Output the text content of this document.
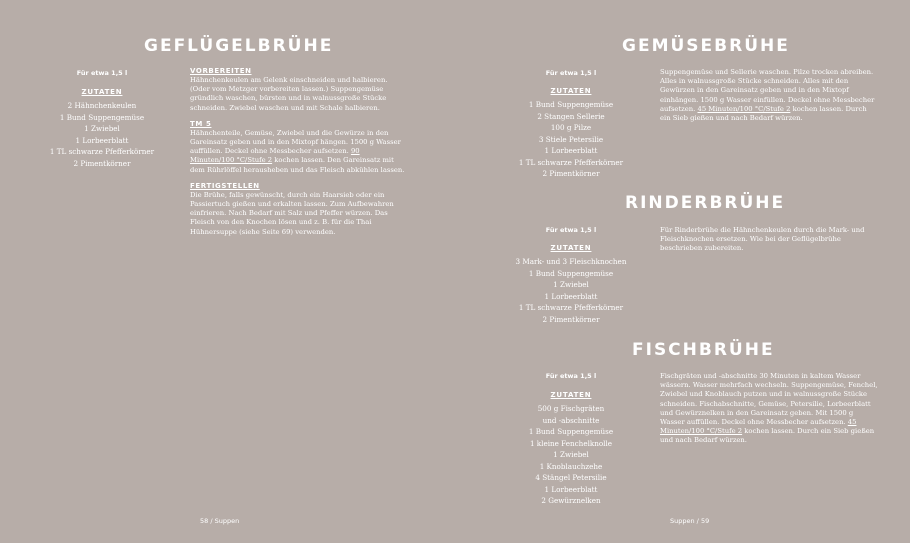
GEFLÜGELBRÜHE
Für etwa 1,5 l
ZUTATEN
2 Hähnchenkeulen
1 Bund Suppengemüse
1 Zwiebel
1 Lorbeerblatt
1 TL schwarze Pfefferkörner
2 Pimentkörner
VORBEREITEN
Hähnchenkeulen am Gelenk einschneiden und halbieren. (Oder vom Metzger vorbereiten lassen.) Suppengemüse gründlich waschen, bürsten und in walnussgroße Stücke schneiden. Zwiebel waschen und mit Schale halbieren.
TM 5
Hähnchenteile, Gemüse, Zwiebel und die Gewürze in den Gareinsatz geben und in den Mixtopf hängen. 1500 g Wasser auffüllen. Deckel ohne Messbecher aufsetzen. 90 Minuten/100 °C/Stufe 2 kochen lassen. Den Gareinsatz mit dem Rührlöffel herausheben und das Fleisch abkühlen lassen.
FERTIGSTELLEN
Die Brühe, falls gewünscht, durch ein Haarsieb oder ein Passiertuch gießen und erkalten lassen. Zum Aufbewahren einfrieren. Nach Bedarf mit Salz und Pfeffer würzen. Das Fleisch von den Knochen lösen und z. B. für die Thai Hühnersuppe (siehe Seite 69) verwenden.
58 / Suppen
GEMÜSEBRÜHE
Für etwa 1,5 l
ZUTATEN
1 Bund Suppengemüse
2 Stangen Sellerie
100 g Pilze
3 Stiele Petersilie
1 Lorbeerblatt
1 TL schwarze Pfefferkörner
2 Pimentkörner
Suppengemüse und Sellerie waschen. Pilze trocken abreiben. Alles in walnussgroße Stücke schneiden. Alles mit den Gewürzen in den Gareinsatz geben und in den Mixtopf einhängen. 1500 g Wasser einfüllen. Deckel ohne Messbecher aufsetzen. 45 Minuten/100 °C/Stufe 2 kochen lassen. Durch ein Sieb gießen und nach Bedarf würzen.
RINDERBRÜHE
Für etwa 1,5 l
ZUTATEN
3 Mark- und 3 Fleischknochen
1 Bund Suppengemüse
1 Zwiebel
1 Lorbeerblatt
1 TL schwarze Pfefferkörner
2 Pimentkörner
Für Rinderbrühe die Hähnchenkeulen durch die Mark- und Fleischknochen ersetzen. Wie bei der Geflügelbrühe beschrieben zubereiten.
FISCHBRÜHE
Für etwa 1,5 l
ZUTATEN
500 g Fischgräten
und -abschnitte
1 Bund Suppengemüse
1 kleine Fenchelknolle
1 Zwiebel
1 Knoblauchzehe
4 Stängel Petersilie
1 Lorbeerblatt
2 Gewürznelken
Fischgräten und -abschnitte 30 Minuten in kaltem Wasser wässern. Wasser mehrfach wechseln. Suppengemüse, Fenchel, Zwiebel und Knoblauch putzen und in walnussgroße Stücke schneiden. Fischabschnitte, Gemüse, Petersilie, Lorbeerblatt und Gewürznelken in den Gareinsatz geben. Mit 1500 g Wasser auffüllen. Deckel ohne Messbecher aufsetzen. 45 Minuten/100 °C/Stufe 2 kochen lassen. Durch ein Sieb gießen und nach Bedarf würzen.
Suppen / 59
